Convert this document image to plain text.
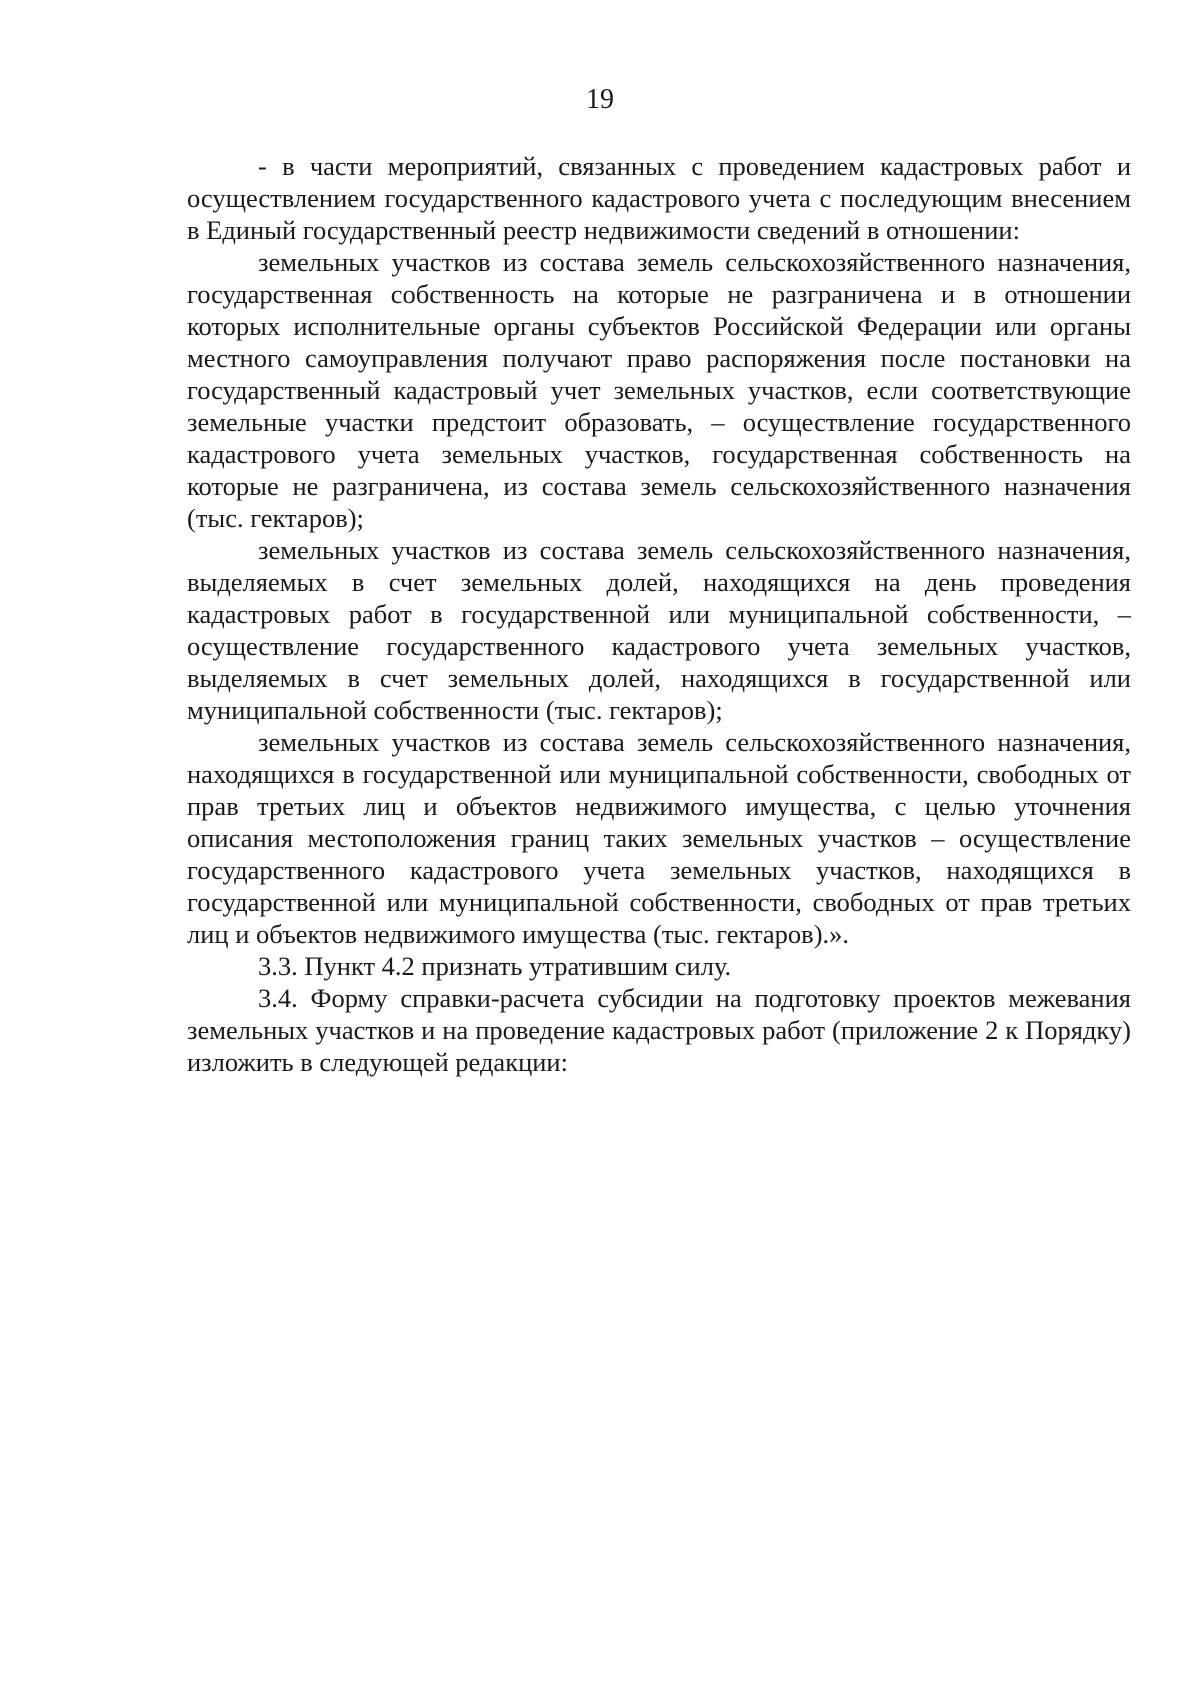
19

- в части мероприятий, связанных с проведением кадастровых работ и осуществлением государственного кадастрового учета с последующим внесением в Единый государственный реестр недвижимости сведений в отношении:

земельных участков из состава земель сельскохозяйственного назначения, государственная собственность на которые не разграничена и в отношении которых исполнительные органы субъектов Российской Федерации или органы местного самоуправления получают право распоряжения после постановки на государственный кадастровый учет земельных участков, если соответствующие земельные участки предстоит образовать, – осуществление государственного кадастрового учета земельных участков, государственная собственность на которые не разграничена, из состава земель сельскохозяйственного назначения (тыс. гектаров);

земельных участков из состава земель сельскохозяйственного назначения, выделяемых в счет земельных долей, находящихся на день проведения кадастровых работ в государственной или муниципальной собственности, – осуществление государственного кадастрового учета земельных участков, выделяемых в счет земельных долей, находящихся в государственной или муниципальной собственности (тыс. гектаров);

земельных участков из состава земель сельскохозяйственного назначения, находящихся в государственной или муниципальной собственности, свободных от прав третьих лиц и объектов недвижимого имущества, с целью уточнения описания местоположения границ таких земельных участков – осуществление государственного кадастрового учета земельных участков, находящихся в государственной или муниципальной собственности, свободных от прав третьих лиц и объектов недвижимого имущества (тыс. гектаров).».

3.3. Пункт 4.2 признать утратившим силу.

3.4. Форму справки-расчета субсидии на подготовку проектов межевания земельных участков и на проведение кадастровых работ (приложение 2 к Порядку) изложить в следующей редакции:
